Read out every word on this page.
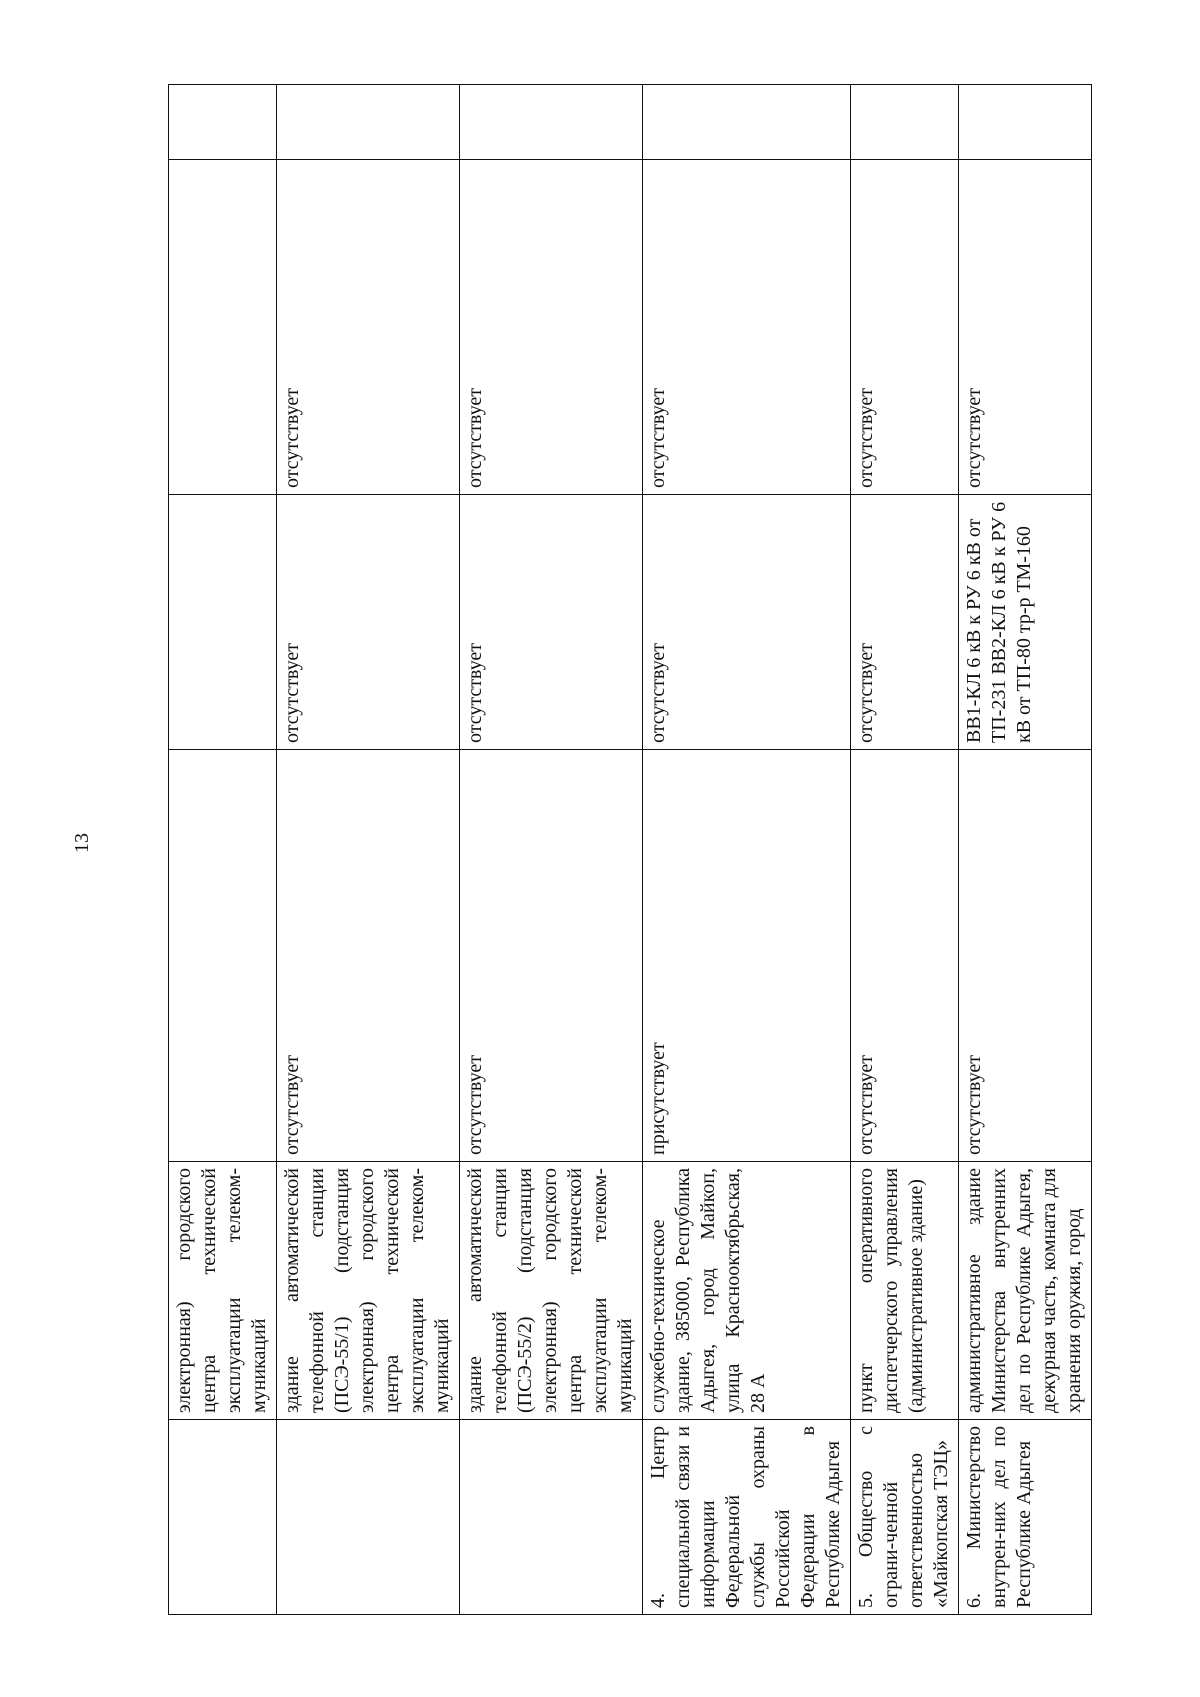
13
	электронная) городского центра технической эксплуатации телеком-муникаций				
	здание автоматической телефонной станции (ПСЭ-55/1) (подстанция электронная) городского центра технической эксплуатации телеком-муникаций	отсутствует	отсутствует	отсутствует	
	здание автоматической телефонной станции (ПСЭ-55/2) (подстанция электронная) городского центра технической эксплуатации телеком-муникаций	отсутствует	отсутствует	отсутствует	
4. Центр специальной связи и информации Федеральной службы охраны Российской Федерации в Республике Адыгея	служебно-техническое здание, 385000, Республика Адыгея, город Майкоп, улица Краснооктябрьская, 28 А	присутствует	отсутствует	отсутствует	
5. Общество с ограни-ченной ответственностью «Майкопская ТЭЦ»	пункт оперативного диспетчерского управления (административное здание)	отсутствует	отсутствует	отсутствует	
6. Министерство внутрен-них дел по Республике Адыгея	административное здание Министерства внутренних дел по Республике Адыгея, дежурная часть, комната для хранения оружия, город	отсутствует	ВВ1-КЛ 6 кВ к РУ 6 кВ от ТП-231 ВВ2-КЛ 6 кВ к РУ 6 кВ от ТП-80 тр-р ТМ-160	отсутствует	
